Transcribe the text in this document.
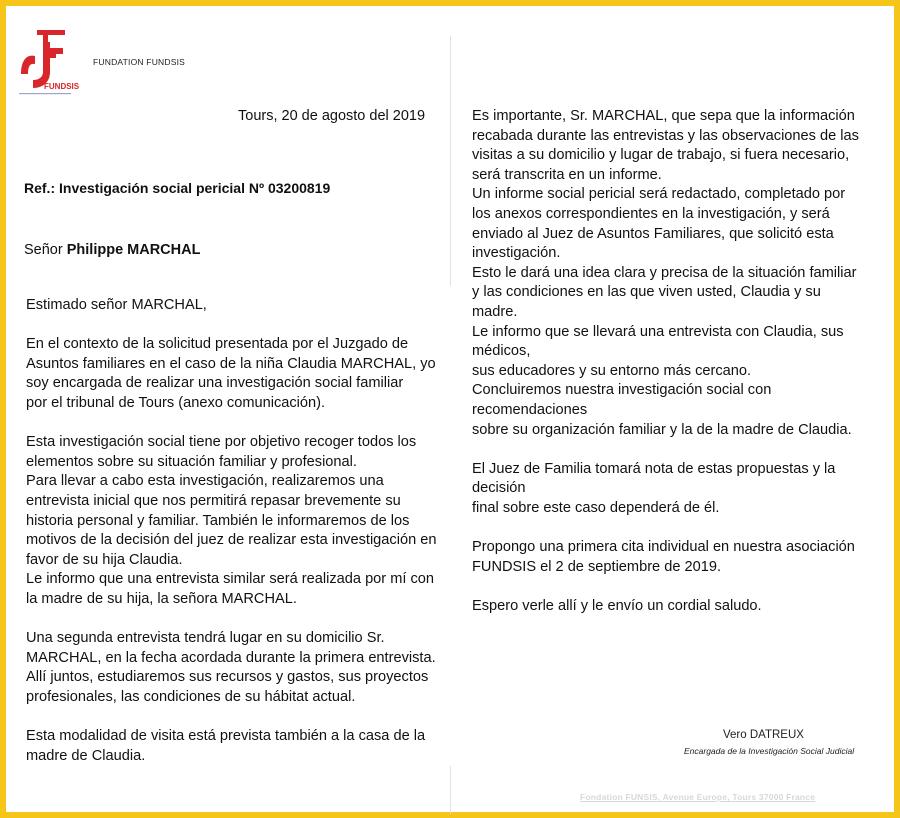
FUNDSIS
FUNDATION FUNDSIS
Tours, 20 de agosto del 2019
Ref.: Investigación social pericial Nº 03200819
Señor Philippe MARCHAL

Estimado señor MARCHAL,

En el contexto de la solicitud presentada por el Juzgado de

Asuntos familiares en el caso de la niña Claudia MARCHAL, yo

soy encargada de realizar una investigación social familiar

por el tribunal de Tours (anexo comunicación).

Esta investigación social tiene por objetivo recoger todos los

elementos sobre su situación familiar y profesional.

Para llevar a cabo esta investigación, realizaremos una

entrevista inicial que nos permitirá repasar brevemente su

historia personal y familiar. También le informaremos de los

motivos de la decisión del juez de realizar esta investigación en

favor de su hija Claudia.

Le informo que una entrevista similar será realizada por mí con

la madre de su hija, la señora MARCHAL.

Una segunda entrevista tendrá lugar en su domicilio Sr.

MARCHAL, en la fecha acordada durante la primera entrevista.

Allí juntos, estudiaremos sus recursos y gastos, sus proyectos

profesionales, las condiciones de su hábitat actual.

Esta modalidad de visita está prevista también a la casa de la

madre de Claudia.

Es importante, Sr. MARCHAL, que sepa que la información

recabada durante las entrevistas y las observaciones de las

visitas a su domicilio y lugar de trabajo, si fuera necesario,

será transcrita en un informe.

Un informe social pericial será redactado, completado por

los anexos correspondientes en la investigación, y será

enviado al Juez de Asuntos Familiares, que solicitó esta

investigación.

Esto le dará una idea clara y precisa de la situación familiar

y las condiciones en las que viven usted, Claudia y su

madre.

Le informo que se llevará una entrevista con Claudia, sus

médicos,

sus educadores y su entorno más cercano.

Concluiremos nuestra investigación social con

recomendaciones

sobre su organización familiar y la de la madre de Claudia.

El Juez de Familia tomará nota de estas propuestas y la

decisión

final sobre este caso dependerá de él.

Propongo una primera cita individual en nuestra asociación

FUNDSIS el 2 de septiembre de 2019.

Espero verle allí y le envío un cordial saludo.

Vero DATREUX
Encargada de la Investigación Social Judicial
Fondation FUNSIS, Avenue Europe, Tours 37000 France
